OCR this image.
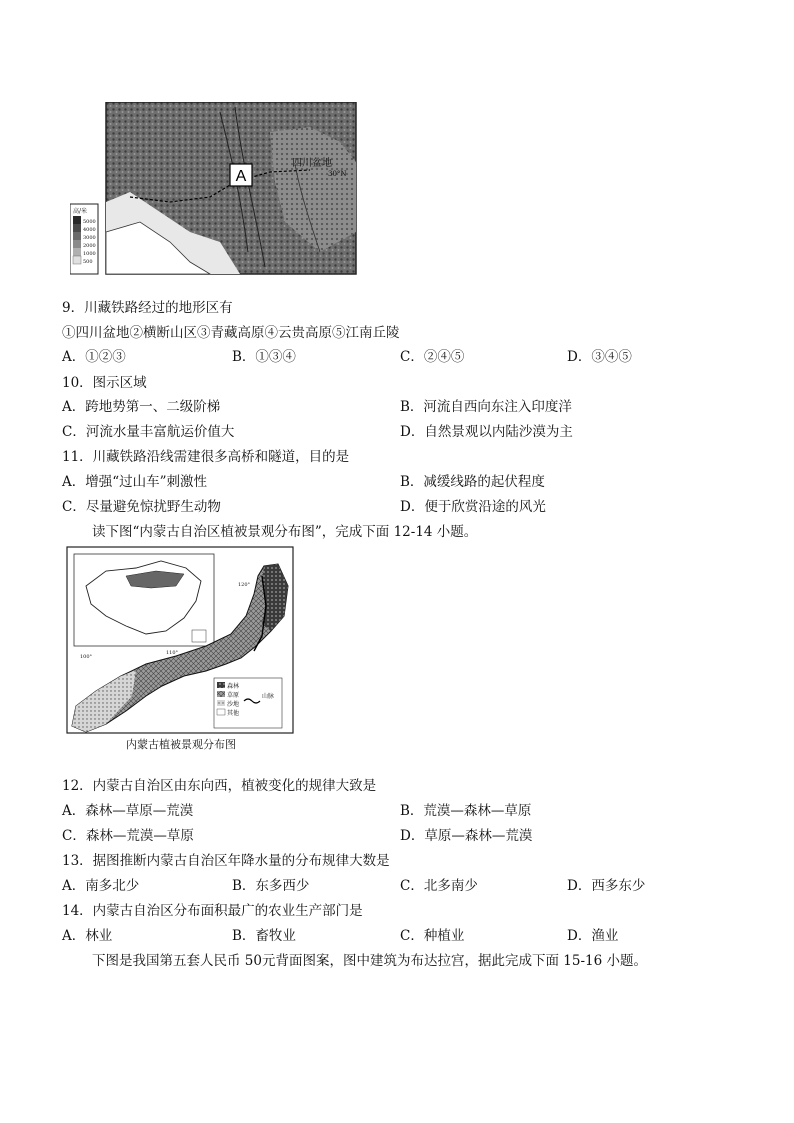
A
四川盆地
30°N
高/米
5000
4000
3000
2000
1000
500
9．川藏铁路经过的地形区有
①四川盆地②横断山区③青藏高原④云贵高原⑤江南丘陵
A．①②③	B．①③④	C．②④⑤	D．③④⑤
10．图示区域
A．跨地势第一、二级阶梯	B．河流自西向东注入印度洋
C．河流水量丰富航运价值大	D．自然景观以内陆沙漠为主
11．川藏铁路沿线需建很多高桥和隧道，目的是
A．增强“过山车”刺激性	B．减缓线路的起伏程度
C．尽量避免惊扰野生动物	D．便于欣赏沿途的风光
读下图“内蒙古自治区植被景观分布图”，完成下面 12-14 小题。
森林
草原
沙地
其他
山脉
100°
110°
120°
内蒙古植被景观分布图
12．内蒙古自治区由东向西，植被变化的规律大致是
A．森林—草原—荒漠	B．荒漠—森林—草原
C．森林—荒漠—草原	D．草原—森林—荒漠
13．据图推断内蒙古自治区年降水量的分布规律大数是
A．南多北少	B．东多西少	C．北多南少	D．西多东少
14．内蒙古自治区分布面积最广的农业生产部门是
A．林业	B．畜牧业	C．种植业	D．渔业
下图是我国第五套人民币 50元背面图案，图中建筑为布达拉宫，据此完成下面 15-16 小题。
